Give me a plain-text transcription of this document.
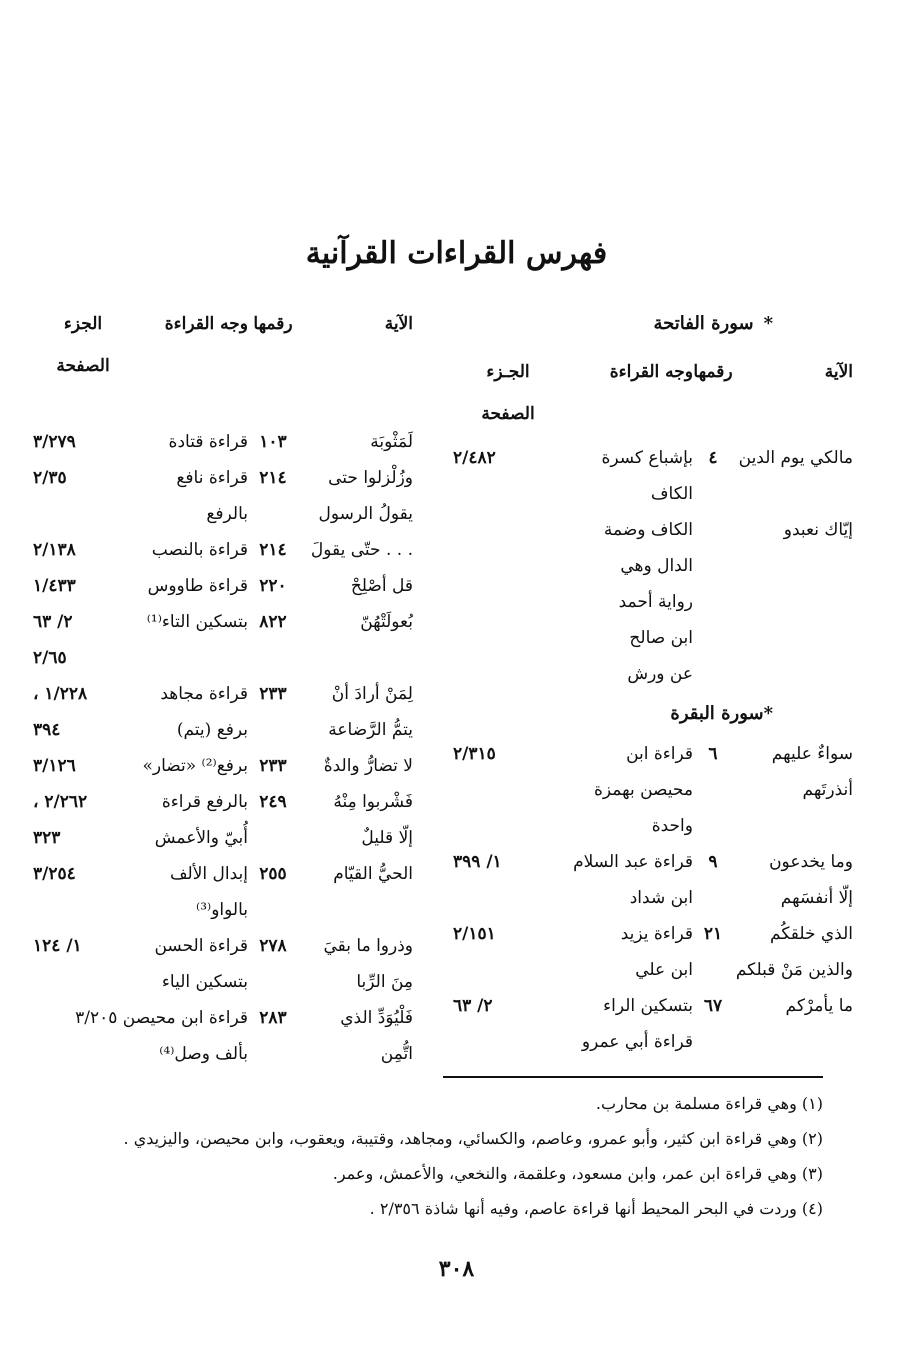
فهرس القراءات القرآنية
*سورة الفاتحة
الآية
رقمها
وجه القراءة
الجـزء
الصفحة
مالكي يوم الدين
٤
بإشباع كسرة
الكاف
٢/٤٨٢
إيّاك نعبدو
الكاف وضمة
الدال وهي
رواية أحمد
ابن صالح
عن ورش
*سورة البقرة
سواءٌ عليهم
أنذرتَهم
٦
قراءة ابن
محيصن بهمزة
واحدة
٢/٣١٥
وما يخدعون
إلّا أنفسَهم
٩
قراءة عبد السلام
ابن شداد
١/ ٣٩٩
الذي خلقكُم
والذين مَنْ قبلكم
٢١
قراءة يزيد
ابن علي
٢/١٥١
ما يأمرْكم
٦٧
بتسكين الراء
قراءة أبي عمرو
٢/ ٦٣
الآية
رقمها
وجه القراءة
الجزء
الصفحة
لَمَثْوبَة
١٠٣
قراءة قتادة
٣/٢٧٩
وزُلْزلوا حتى
يقولُ الرسول
٢١٤
قراءة نافع
بالرفع
٢/٣٥
. . . حتّى يقولَ
٢١٤
قراءة بالنصب
٢/١٣٨
قل أصْلِحْ
٢٢٠
قراءة طاووس
١/٤٣٣
بُعولَتْهُنّ
٨٢٢
بتسكين التاء⁽¹⁾
٢/ ٦٣
٢/٦٥
لِمَنْ أرادَ أنْ
يتمُّ الرَّضاعة
٢٣٣
قراءة مجاهد
برفع (يتم)
١/٢٢٨ ،
٣٩٤
لا تضارُّ والدةٌ
٢٣٣
برفع⁽²⁾ «تضار»
٣/١٢٦
فَشْربوا مِنْهُ
إلّا قليلٌ
٢٤٩
بالرفع قراءة
أُبيّ والأعمش
٢/٢٦٢ ،
٣٢٣
الحيُّ القيّام
٢٥٥
إبدال الألف
بالواو⁽³⁾
٣/٢٥٤
وذروا ما بقيَ
مِنَ الرِّبا
٢٧٨
قراءة الحسن
بتسكين الياء
١/ ١٢٤
فَلْيُوَدِّ الذي
اتُّمِن
٢٨٣
قراءة ابن محيصن ٣/٢٠٥
بألف وصل⁽⁴⁾
(١) وهي قراءة مسلمة بن محارب.
(٢) وهي قراءة ابن كثير، وأبو عمرو، وعاصم، والكسائي، ومجاهد، وقتيبة، ويعقوب، وابن محيصن، واليزيدي .
(٣) وهي قراءة ابن عمر، وابن مسعود، وعلقمة، والنخعي، والأعمش، وعمر.
(٤) وردت في البحر المحيط أنها قراءة عاصم، وفيه أنها شاذة ٢/٣٥٦ .
٣٠٨
